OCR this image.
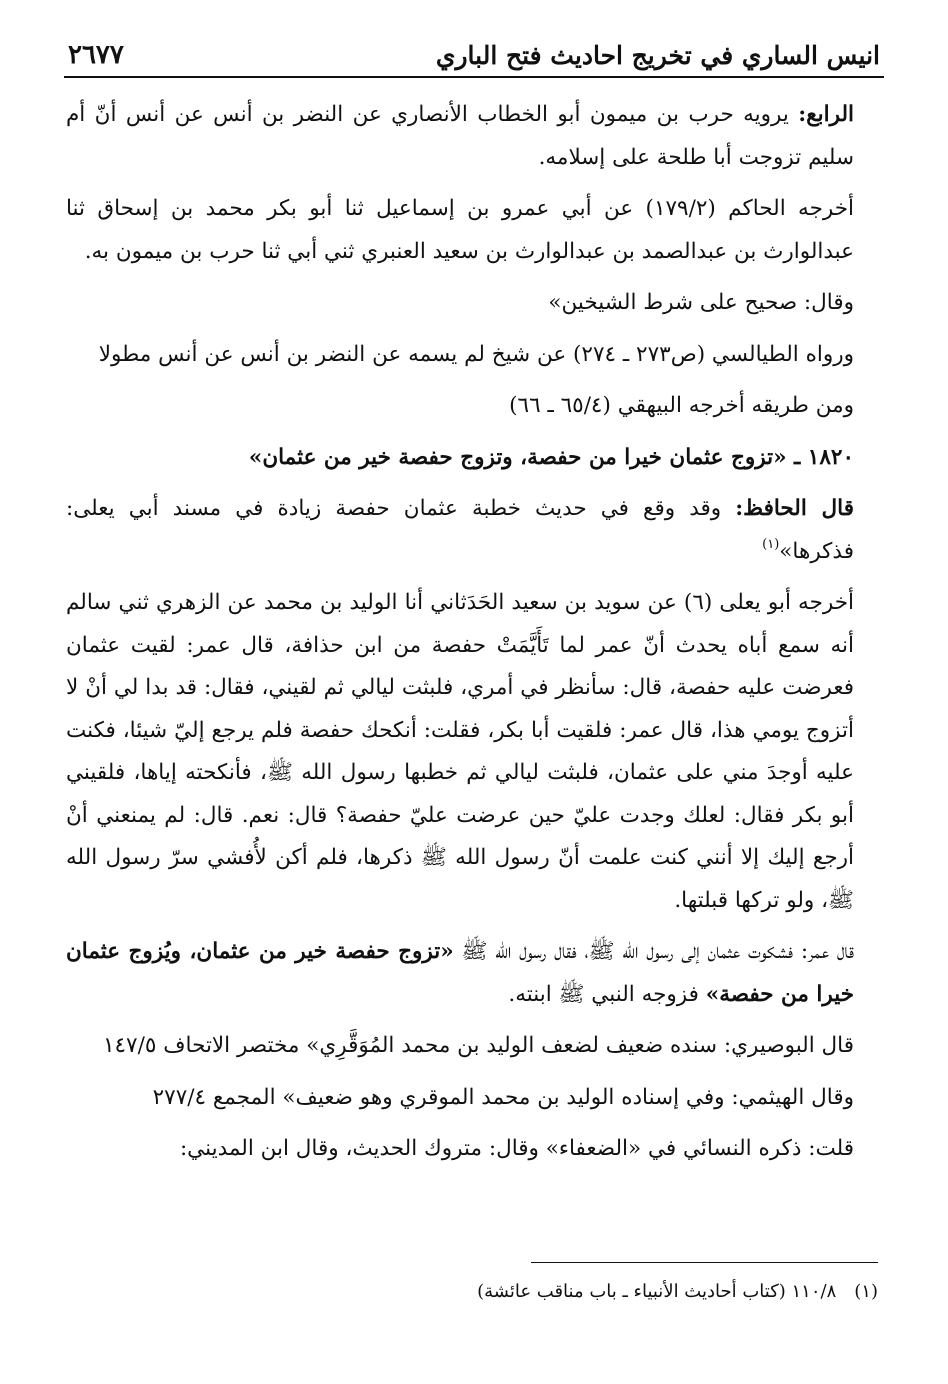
انيس الساري في تخريج احاديث فتح الباري
٢٦٧٧

الرابع: يرويه حرب بن ميمون أبو الخطاب الأنصاري عن النضر بن أنس عن أنس أنّ أم سليم تزوجت أبا طلحة على إسلامه.

أخرجه الحاكم (١٧٩/٢) عن أبي عمرو بن إسماعيل ثنا أبو بكر محمد بن إسحاق ثنا عبدالوارث بن عبدالصمد بن عبدالوارث بن سعيد العنبري ثني أبي ثنا حرب بن ميمون به.

وقال: صحيح على شرط الشيخين»

ورواه الطيالسي (ص٢٧٣ ـ ٢٧٤) عن شيخ لم يسمه عن النضر بن أنس عن أنس مطولا

ومن طريقه أخرجه البيهقي (٦٥/٤ ـ ٦٦)

١٨٢٠ ـ «تزوج عثمان خيرا من حفصة، وتزوج حفصة خير من عثمان»

قال الحافظ: وقد وقع في حديث خطبة عثمان حفصة زيادة في مسند أبي يعلى: فذكرها»$^{(١)}$

أخرجه أبو يعلى (٦) عن سويد بن سعيد الحَدَثاني أنا الوليد بن محمد عن الزهري ثني سالم أنه سمع أباه يحدث أنّ عمر لما تَأَيَّمَتْ حفصة من ابن حذافة، قال عمر: لقيت عثمان فعرضت عليه حفصة، قال: سأنظر في أمري، فلبثت ليالي ثم لقيني، فقال: قد بدا لي أنْ لا أتزوج يومي هذا، قال عمر: فلقيت أبا بكر، فقلت: أنكحك حفصة فلم يرجع إليّ شيئا، فكنت عليه أوجدَ مني على عثمان، فلبثت ليالي ثم خطبها رسول الله ﷺ، فأنكحته إياها، فلقيني أبو بكر فقال: لعلك وجدت عليّ حين عرضت عليّ حفصة؟ قال: نعم. قال: لم يمنعني أنْ أرجع إليك إلا أنني كنت علمت أنّ رسول الله ﷺ ذكرها، فلم أكن لأُفشي سرّ رسول الله ﷺ، ولو تركها قبلتها.

قال عمر: فشكوت عثمان إلى رسول الله ﷺ، فقال رسول الله ﷺ «تزوج حفصة خير من عثمان، ويُزوج عثمان خيرا من حفصة» فزوجه النبي ﷺ ابنته.

قال البوصيري: سنده ضعيف لضعف الوليد بن محمد المُوَقَّرِي» مختصر الاتحاف ١٤٧/٥

وقال الهيثمي: وفي إسناده الوليد بن محمد الموقري وهو ضعيف» المجمع ٢٧٧/٤

قلت: ذكره النسائي في «الضعفاء» وقال: متروك الحديث، وقال ابن المديني:

(١)١١٠/٨ (كتاب أحاديث الأنبياء ـ باب مناقب عائشة)
